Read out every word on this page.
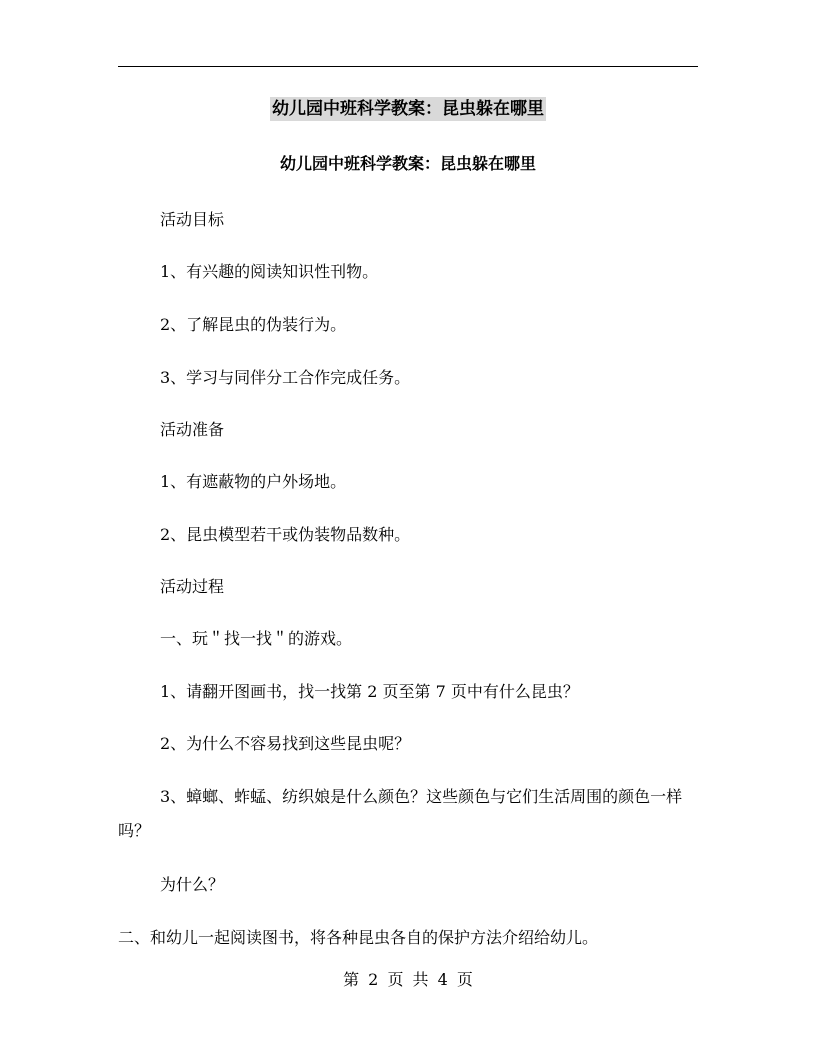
幼儿园中班科学教案：昆虫躲在哪里
幼儿园中班科学教案：昆虫躲在哪里
活动目标
1、有兴趣的阅读知识性刊物。
2、了解昆虫的伪装行为。
3、学习与同伴分工合作完成任务。
活动准备
1、有遮蔽物的户外场地。
2、昆虫模型若干或伪装物品数种。
活动过程
一、玩＂找一找＂的游戏。
1、请翻开图画书，找一找第 2 页至第 7 页中有什么昆虫？
2、为什么不容易找到这些昆虫呢？
3、蟑螂、蚱蜢、纺织娘是什么颜色？这些颜色与它们生活周围的颜色一样吗？
为什么？
二、和幼儿一起阅读图书，将各种昆虫各自的保护方法介绍给幼儿。
第 2 页 共 4 页
